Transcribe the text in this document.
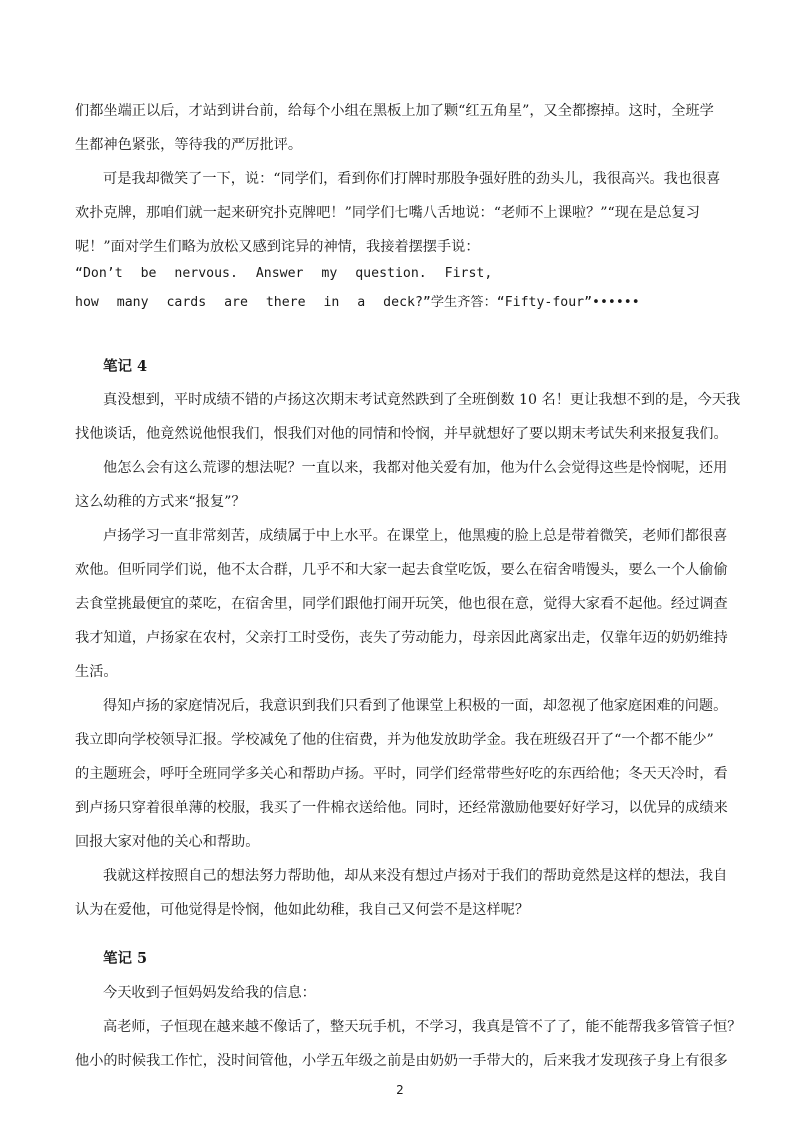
们都坐端正以后，才站到讲台前，给每个小组在黑板上加了颗“红五角星”，又全都擦掉。这时，全班学
生都神色紧张，等待我的严厉批评。
可是我却微笑了一下，说：“同学们，看到你们打牌时那股争强好胜的劲头儿，我很高兴。我也很喜
欢扑克牌，那咱们就一起来研究扑克牌吧！”同学们七嘴八舌地说：“老师不上课啦？”“现在是总复习
呢！”面对学生们略为放松又感到诧异的神情，我接着摆摆手说：
“Don’t be nervous. Answer my question. First,
how many cards are there in a deck?”学生齐答：“Fifty-four”••••••
笔记 4
真没想到，平时成绩不错的卢扬这次期末考试竟然跌到了全班倒数 10 名！更让我想不到的是，今天我
找他谈话，他竟然说他恨我们，恨我们对他的同情和怜悯，并早就想好了要以期末考试失利来报复我们。
他怎么会有这么荒谬的想法呢？一直以来，我都对他关爱有加，他为什么会觉得这些是怜悯呢，还用
这么幼稚的方式来“报复”？
卢扬学习一直非常刻苦，成绩属于中上水平。在课堂上，他黑瘦的脸上总是带着微笑，老师们都很喜
欢他。但听同学们说，他不太合群，几乎不和大家一起去食堂吃饭，要么在宿舍啃馒头，要么一个人偷偷
去食堂挑最便宜的菜吃，在宿舍里，同学们跟他打闹开玩笑，他也很在意，觉得大家看不起他。经过调查
我才知道，卢扬家在农村，父亲打工时受伤，丧失了劳动能力，母亲因此离家出走，仅靠年迈的奶奶维持
生活。
得知卢扬的家庭情况后，我意识到我们只看到了他课堂上积极的一面，却忽视了他家庭困难的问题。
我立即向学校领导汇报。学校减免了他的住宿费，并为他发放助学金。我在班级召开了“一个都不能少”
的主题班会，呼吁全班同学多关心和帮助卢扬。平时，同学们经常带些好吃的东西给他；冬天天冷时，看
到卢扬只穿着很单薄的校服，我买了一件棉衣送给他。同时，还经常激励他要好好学习，以优异的成绩来
回报大家对他的关心和帮助。
我就这样按照自己的想法努力帮助他，却从来没有想过卢扬对于我们的帮助竟然是这样的想法，我自
认为在爱他，可他觉得是怜悯，他如此幼稚，我自己又何尝不是这样呢？
笔记 5
今天收到子恒妈妈发给我的信息：
高老师，子恒现在越来越不像话了，整天玩手机，不学习，我真是管不了了，能不能帮我多管管子恒？
他小的时候我工作忙，没时间管他，小学五年级之前是由奶奶一手带大的，后来我才发现孩子身上有很多
2
